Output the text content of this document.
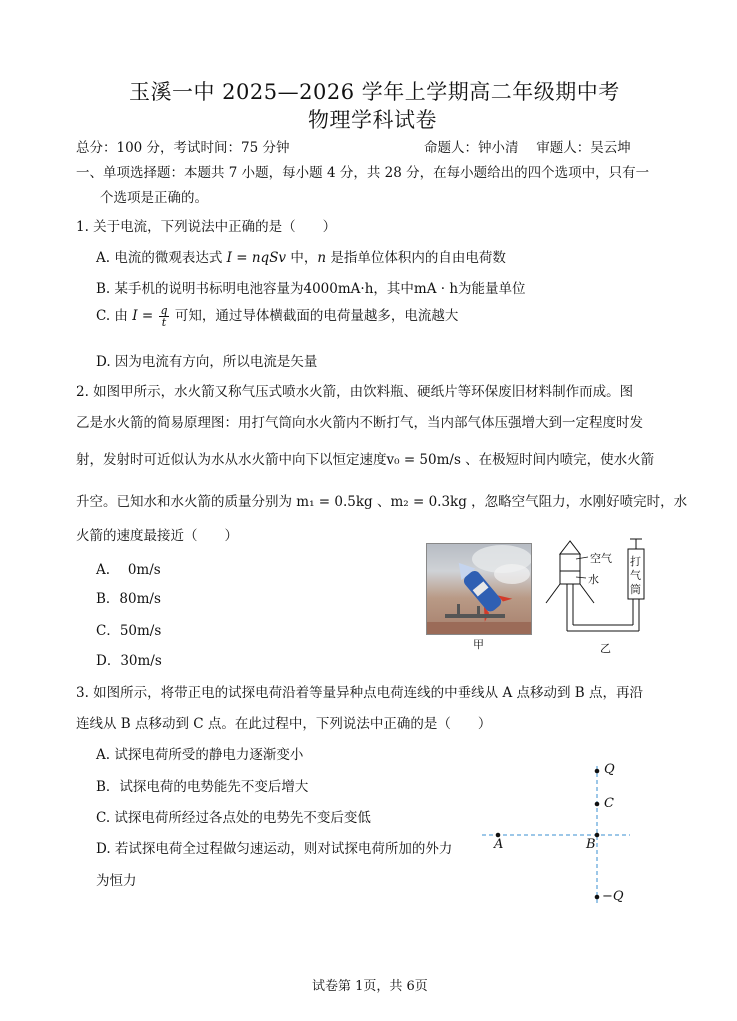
玉溪一中 2025—2026 学年上学期高二年级期中考
物理学科试卷
总分：100 分，考试时间：75 分钟	命题人：钟小清　 审题人：吴云坤
一、单项选择题：本题共 7 小题，每小题 4 分，共 28 分，在每小题给出的四个选项中，只有一
个选项是正确的。
1. 关于电流，下列说法中正确的是（　　）
A. 电流的微观表达式 I = nqSv 中，n 是指单位体积内的自由电荷数
B. 某手机的说明书标明电池容量为4000mA·h，其中mA · h为能量单位
C. 由 $I = \frac{q}{t}$ 可知，通过导体横截面的电荷量越多，电流越大
D. 因为电流有方向，所以电流是矢量
2. 如图甲所示，水火箭又称气压式喷水火箭，由饮料瓶、硬纸片等环保废旧材料制作而成。图
乙是水火箭的简易原理图：用打气筒向水火箭内不断打气，当内部气体压强增大到一定程度时发
射，发射时可近似认为水从水火箭中向下以恒定速度v₀ = 50m/s 、在极短时间内喷完，使水火箭
升空。已知水和水火箭的质量分别为 m₁ = 0.5kg 、m₂ = 0.3kg ，忽略空气阻力，水刚好喷完时，水
火箭的速度最接近（　　）
A. 　0m/s
B．80m/s
C．50m/s
D．30m/s
甲
空气
水
打
气
筒
乙
3. 如图所示，将带正电的试探电荷沿着等量异种点电荷连线的中垂线从 A 点移动到 B 点，再沿
连线从 B 点移动到 C 点。在此过程中，下列说法中正确的是（　　）
A. 试探电荷所受的静电力逐渐变小
B．试探电荷的电势能先不变后增大
C. 试探电荷所经过各点处的电势先不变后变低
D. 若试探电荷全过程做匀速运动，则对试探电荷所加的外力
为恒力
Q
C
A	B
−Q
试卷第 1页，共 6页
